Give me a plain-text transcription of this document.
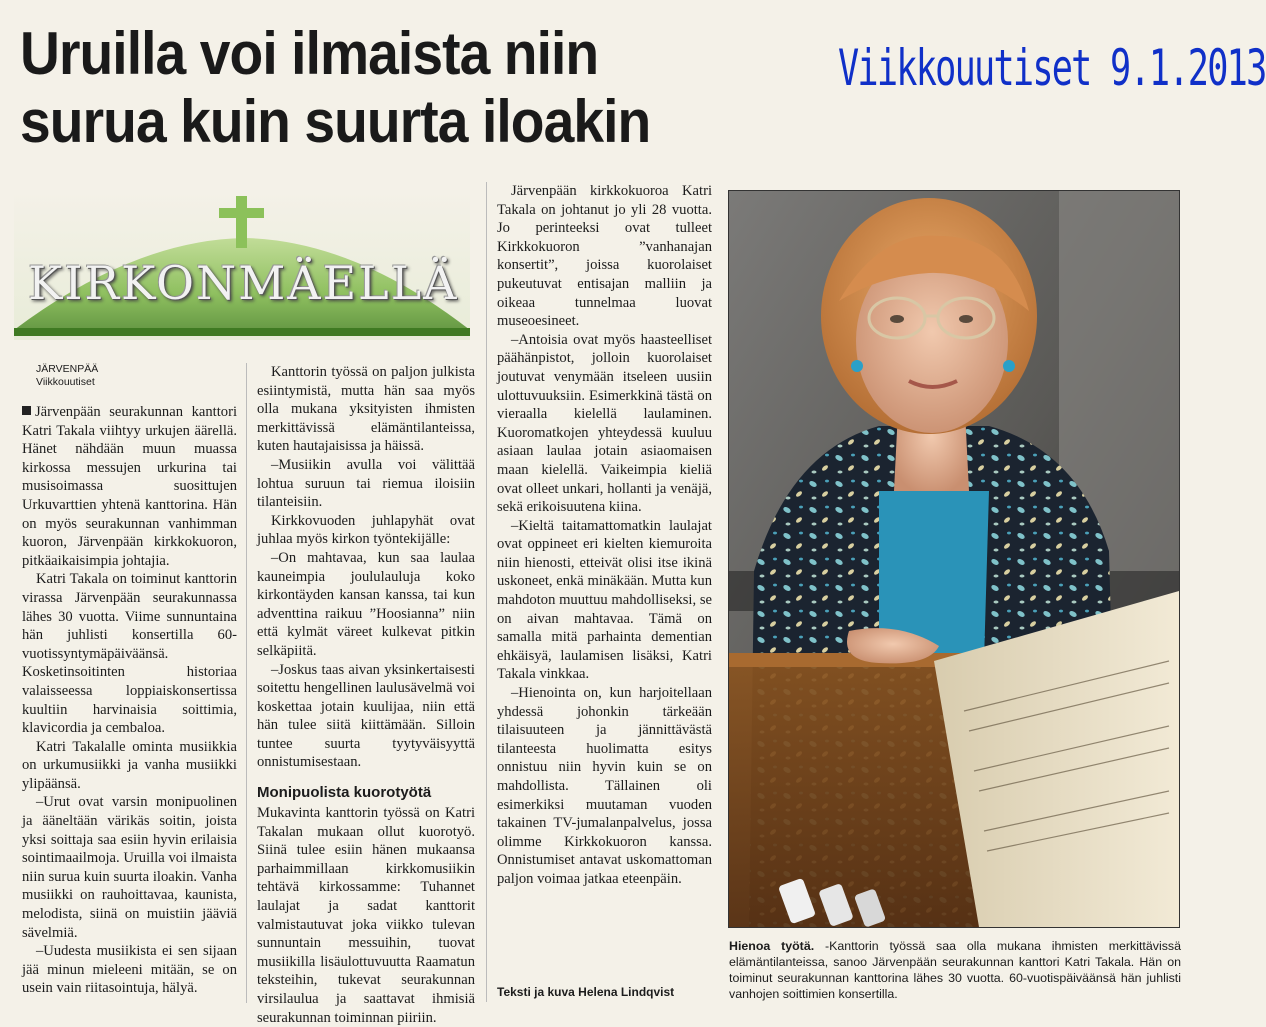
Uruilla voi ilmaista niin
surua kuin suurta iloakin
Viikkouutiset 9.1.2013
KIRKONMÄELLÄ

JÄRVENPÄÄ

Viikkouutiset

Järvenpään seurakunnan kanttori Katri Takala viihtyy urkujen äärellä. Hänet nähdään muun muassa kirkossa messujen urkurina tai musisoimassa suosittujen Urkuvarttien yhtenä kanttorina. Hän on myös seurakunnan vanhimman kuoron, Järvenpään kirkkokuoron, pitkäaikaisimpia johtajia.

Katri Takala on toiminut kanttorin virassa Järvenpään seurakunnassa lähes 30 vuotta. Viime sunnuntaina hän juhlisti konsertilla 60-vuotissyntymäpäiväänsä. Kosketinsoitinten historiaa valaisseessa loppiaiskonsertissa kuultiin harvinaisia soittimia, klavicordia ja cembaloa.

Katri Takalalle ominta musiikkia on urkumusiikki ja vanha musiikki ylipäänsä.

–Urut ovat varsin monipuolinen ja ääneltään värikäs soitin, joista yksi soittaja saa esiin hyvin erilaisia sointimaailmoja. Uruilla voi ilmaista niin surua kuin suurta iloakin. Vanha musiikki on rauhoittavaa, kaunista, melodista, siinä on muistiin jääviä sävelmiä.

–Uudesta musiikista ei sen sijaan jää minun mieleeni mitään, se on usein vain riitasointuja, hälyä.

Kanttorin työssä on paljon julkista esiintymistä, mutta hän saa myös olla mukana yksityisten ihmisten merkittävissä elämäntilanteissa, kuten hautajaisissa ja häissä.

–Musiikin avulla voi välittää lohtua suruun tai riemua iloisiin tilanteisiin.

Kirkkovuoden juhlapyhät ovat juhlaa myös kirkon työntekijälle:

–On mahtavaa, kun saa laulaa kauneimpia joululauluja koko kirkontäyden kansan kanssa, tai kun adventtina raikuu ”Hoosianna” niin että kylmät väreet kulkevat pitkin selkäpiitä.

–Joskus taas aivan yksinkertaisesti soitettu hengellinen laulusävelmä voi koskettaa jotain kuulijaa, niin että hän tulee siitä kiittämään. Silloin tuntee suurta tyytyväisyyttä onnistumisestaan.

Monipuolista kuorotyötä

Mukavinta kanttorin työssä on Katri Takalan mukaan ollut kuorotyö. Siinä tulee esiin hänen mukaansa parhaimmillaan kirkkomusiikin tehtävä kirkossamme: Tuhannet laulajat ja sadat kanttorit valmistautuvat joka viikko tulevan sunnuntain messuihin, tuovat musiikilla lisäulottuvuutta Raamatun teksteihin, tukevat seurakunnan virsilaulua ja saattavat ihmisiä seurakunnan toiminnan piiriin.

Järvenpään kirkkokuoroa Katri Takala on johtanut jo yli 28 vuotta. Jo perinteeksi ovat tulleet Kirkkokuoron ”vanhanajan konsertit”, joissa kuorolaiset pukeutuvat entisajan malliin ja oikeaa tunnelmaa luovat museoesineet.

–Antoisia ovat myös haasteelliset päähänpistot, jolloin kuorolaiset joutuvat venymään itseleen uusiin ulottuvuuksiin. Esimerkkinä tästä on vieraalla kielellä laulaminen. Kuoromatkojen yhteydessä kuuluu asiaan laulaa jotain asiaomaisen maan kielellä. Vaikeimpia kieliä ovat olleet unkari, hollanti ja venäjä, sekä erikoisuutena kiina.

–Kieltä taitamattomatkin laulajat ovat oppineet eri kielten kiemuroita niin hienosti, etteivät olisi itse ikinä uskoneet, enkä minäkään. Mutta kun mahdoton muuttuu mahdolliseksi, se on aivan mahtavaa. Tämä on samalla mitä parhainta dementian ehkäisyä, laulamisen lisäksi, Katri Takala vinkkaa.

–Hienointa on, kun harjoitellaan yhdessä johonkin tärkeään tilaisuuteen ja jännittävästä tilanteesta huolimatta esitys onnistuu niin hyvin kuin se on mahdollista. Tällainen oli esimerkiksi muutaman vuoden takainen TV-jumalanpalvelus, jossa olimme Kirkkokuoron kanssa. Onnistumiset antavat uskomattoman paljon voimaa jatkaa eteenpäin.

Hienoa työtä. -Kanttorin työssä saa olla mukana ihmisten merkittävissä elämäntilanteissa, sanoo Järvenpään seurakunnan kanttori Katri Takala. Hän on toiminut seurakunnan kanttorina lähes 30 vuotta. 60-vuotispäiväänsä hän juhlisti vanhojen soittimien konsertilla.
Teksti ja kuva Helena Lindqvist
